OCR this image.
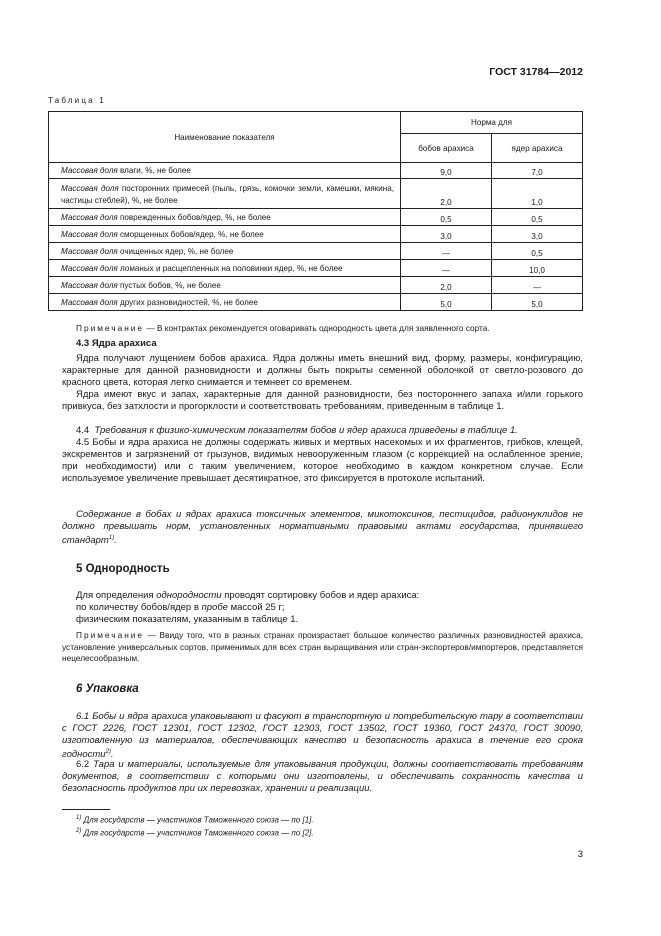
ГОСТ 31784—2012
Таблица 1
Наименование показателя	Норма для	
	бобов арахиса	ядер арахиса
Массовая доля влаги, %, не более	9,0	7,0
Массовая доля посторонних примесей (пыль, грязь, комочки земли, камешки, мякина, частицы стеблей), %, не более	2,0	1,0
Массовая доля поврежденных бобов/ядер, %, не более	0,5	0,5
Массовая доля сморщенных бобов/ядер, %, не более	3,0	3,0
Массовая доля очищенных ядер, %, не более	—	0,5
Массовая доля ломаных и расщепленных на половинки ядер, %, не более	—	10,0
Массовая доля пустых бобов, %, не более	2,0	—
Массовая доля других разновидностей, %, не более	5,0	5,0
Примечание — В контрактах рекомендуется оговаривать однородность цвета для заявленного сорта.
4.3 Ядра арахиса
Ядра получают лущением бобов арахиса. Ядра должны иметь внешний вид, форму, размеры, конфигурацию, характерные для данной разновидности и должны быть покрыты семенной оболочкой от светло-розового до красного цвета, которая легко снимается и темнеет со временем.
Ядра имеют вкус и запах, характерные для данной разновидности, без постороннего запаха и/или горького привкуса, без затхлости и прогорклости и соответствовать требованиям, приведенным в таблице 1.
4.4 Требования к физико-химическим показателям бобов и ядер арахиса приведены в таблице 1.
4.5 Бобы и ядра арахиса не должны содержать живых и мертвых насекомых и их фрагментов, грибков, клещей, экскрементов и загрязнений от грызунов, видимых невооруженным глазом (с коррекцией на ослабленное зрение, при необходимости) или с таким увеличением, которое необходимо в каждом конкретном случае. Если используемое увеличение превышает десятикратное, это фиксируется в протоколе испытаний.
Содержание в бобах и ядрах арахиса токсичных элементов, микотоксинов, пестицидов, радионуклидов не должно превышать норм, установленных нормативными правовыми актами государства, принявшего стандарт$^{1)}$.
5 Однородность
Для определения однородности проводят сортировку бобов и ядер арахиса:
по количеству бобов/ядер в пробе массой 25 г;
физическим показателям, указанным в таблице 1.
Примечание — Ввиду того, что в разных странах произрастает большое количество различных разновидностей арахиса, установление универсальных сортов, применимых для всех стран выращивания или стран-экспортеров/импортеров, представляется нецелесообразным.
6 Упаковка
6.1 Бобы и ядра арахиса упаковывают и фасуют в транспортную и потребительскую тару в соответствии с ГОСТ 2226, ГОСТ 12301, ГОСТ 12302, ГОСТ 12303, ГОСТ 13502, ГОСТ 19360, ГОСТ 24370, ГОСТ 30090, изготовленную из материалов, обеспечивающих качество и безопасность арахиса в течение его срока годности$^{2)}$.
6.2 Тара и материалы, используемые для упаковывания продукции, должны соответствовать требованиям документов, в соответствии с которыми они изготовлены, и обеспечивать сохранность качества и безопасность продуктов при их перевозках, хранении и реализации.
$^{1)}$ Для государств — участников Таможенного союза — по [1].
$^{2)}$ Для государств — участников Таможенного союза — по [2].
3
